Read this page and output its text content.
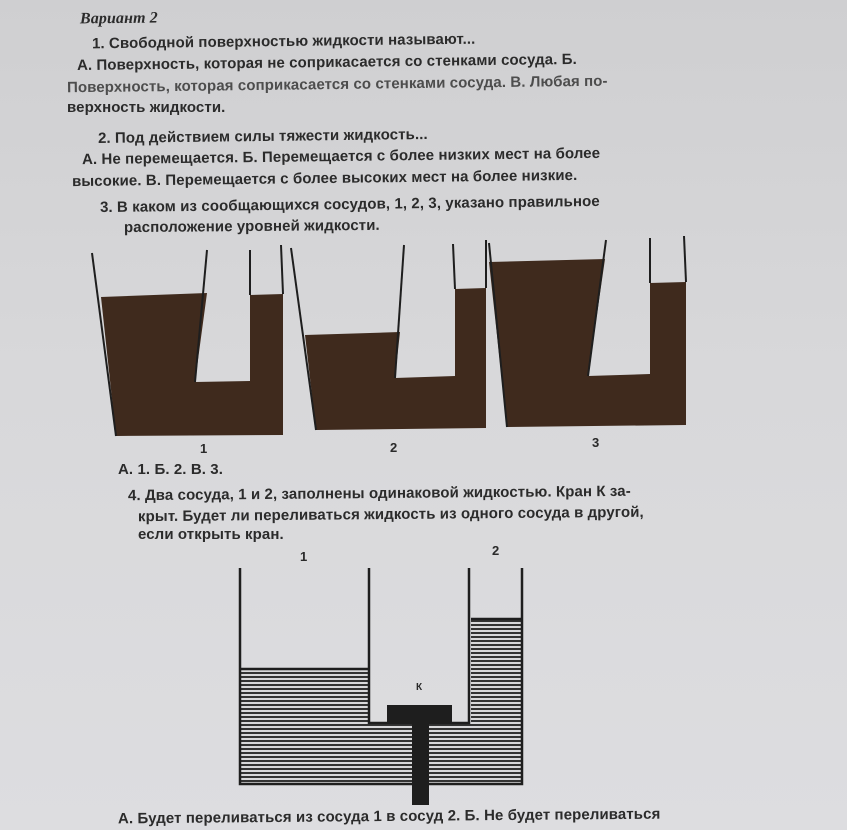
Вариант 2
1. Свободной поверхностью жидкости называют...
А. Поверхность, которая не соприкасается со стенками сосуда. Б.
Поверхность, которая соприкасается со стенками сосуда. В. Любая по-
верхность жидкости.
2. Под действием силы тяжести жидкость...
А. Не перемещается. Б. Перемещается с более низких мест на более
высокие. В. Перемещается с более высоких мест на более низкие.
3. В каком из сообщающихся сосудов, 1, 2, 3, указано правильное
расположение уровней жидкости.
1	2	3
А. 1. Б. 2. В. 3.
4. Два сосуда, 1 и 2, заполнены одинаковой жидкостью. Кран К за-
крыт. Будет ли переливаться жидкость из одного сосуда в другой,
если открыть кран.
1	2
К
А. Будет переливаться из сосуда 1 в сосуд 2. Б. Не будет переливаться
